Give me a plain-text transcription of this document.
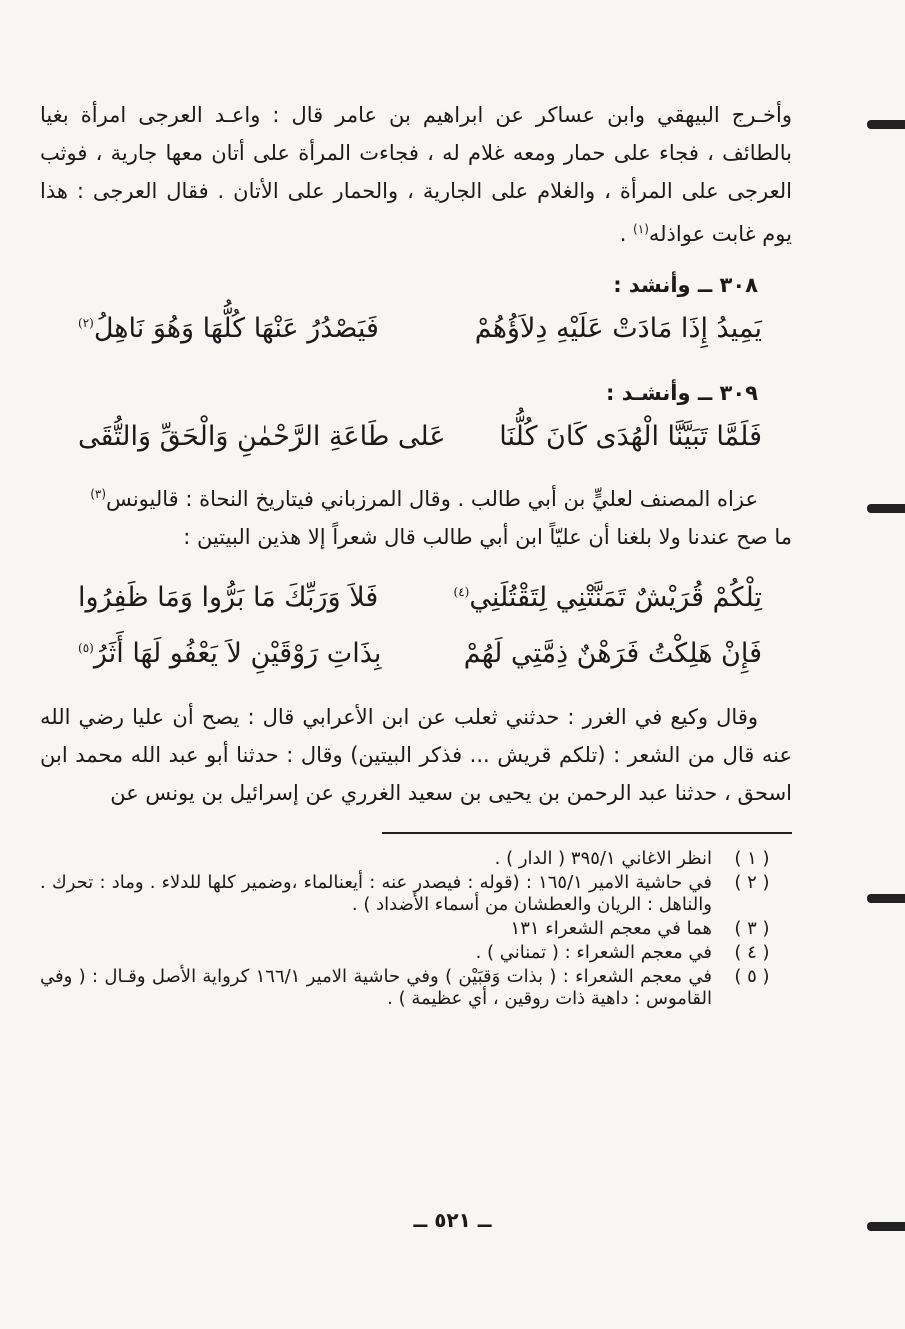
وأخـرج البيهقي وابن عساكر عن ابراهيم بن عامر قال : واعـد العرجى امرأة بغيا بالطائف ، فجاء على حمار ومعه غلام له ، فجاءت المرأة على أتان معها جارية ، فوثب العرجى على المرأة ، والغلام على الجارية ، والحمار على الأتان . فقال العرجى : هذا يوم غابت عواذله$^{(١)}$ .

٣٠٨ ــ وأنشد :
يَمِيدُ إِذَا مَادَتْ عَلَيْهِ دِلاَؤُهُمْ
فَيَصْدُرُ عَنْهَا كُلُّهَا وَهُوَ نَاهِلُ$^{(٢)}$
٣٠٩ ــ وأنشـد :
فَلَمَّا تَبَيَّنَّا الْهُدَى كَانَ كُلُّنَا
عَلى طَاعَةِ الرَّحْمٰنِ وَالْحَقِّ وَالتُّقَى

عزاه المصنف لعليٍّ بن أبي طالب . وقال المرزباني فيتاريخ النحاة : قاليونس$^{(٣)}$
ما صح عندنا ولا بلغنا أن عليّاً ابن أبي طالب قال شعراً إلا هذين البيتين :

تِلْكُمْ قُرَيْشٌ تَمَنَّتْنِي لِتَقْتُلَنِي$^{(٤)}$
فَلاَ وَرَبِّكَ مَا بَرُّوا وَمَا ظَفِرُوا
فَإِنْ هَلِكْتُ فَرَهْنٌ ذِمَّتِي لَهُمْ
بِذَاتِ رَوْقَيْنِ لاَ يَعْفُو لَهَا أَثَرُ$^{(٥)}$

وقال وكيع في الغرر : حدثني ثعلب عن ابن الأعرابي قال : يصح أن عليا رضي الله عنه قال من الشعر : (تلكم قريش ... فذكر البيتين) وقال : حدثنا أبو عبد الله محمد ابن اسحق ، حدثنا عبد الرحمن بن يحيى بن سعيد الغرري عن إسرائيل بن يونس عن

( ١ )
انظر الاغاني ٣٩٥/١ ( الدار ) .
( ٢ )
في حاشية الامير ١٦٥/١ : (قوله : فيصدر عنه : أيعنالماء ،وضمير كلها للدلاء . وماد : تحرك . والناهل : الريان والعطشان من أسماء الأضداد ) .
( ٣ )
هما في معجم الشعراء ١٣١
( ٤ )
في معجم الشعراء : ( تمناني ) .
( ٥ )
في معجم الشعراء : ( بذات وَقبَيْن ) وفي حاشية الامير ١٦٦/١ كرواية الأصل وقـال : ( وفي القاموس : داهية ذات روقين ، أي عظيمة ) .
ــ ٥٢١ ــ
